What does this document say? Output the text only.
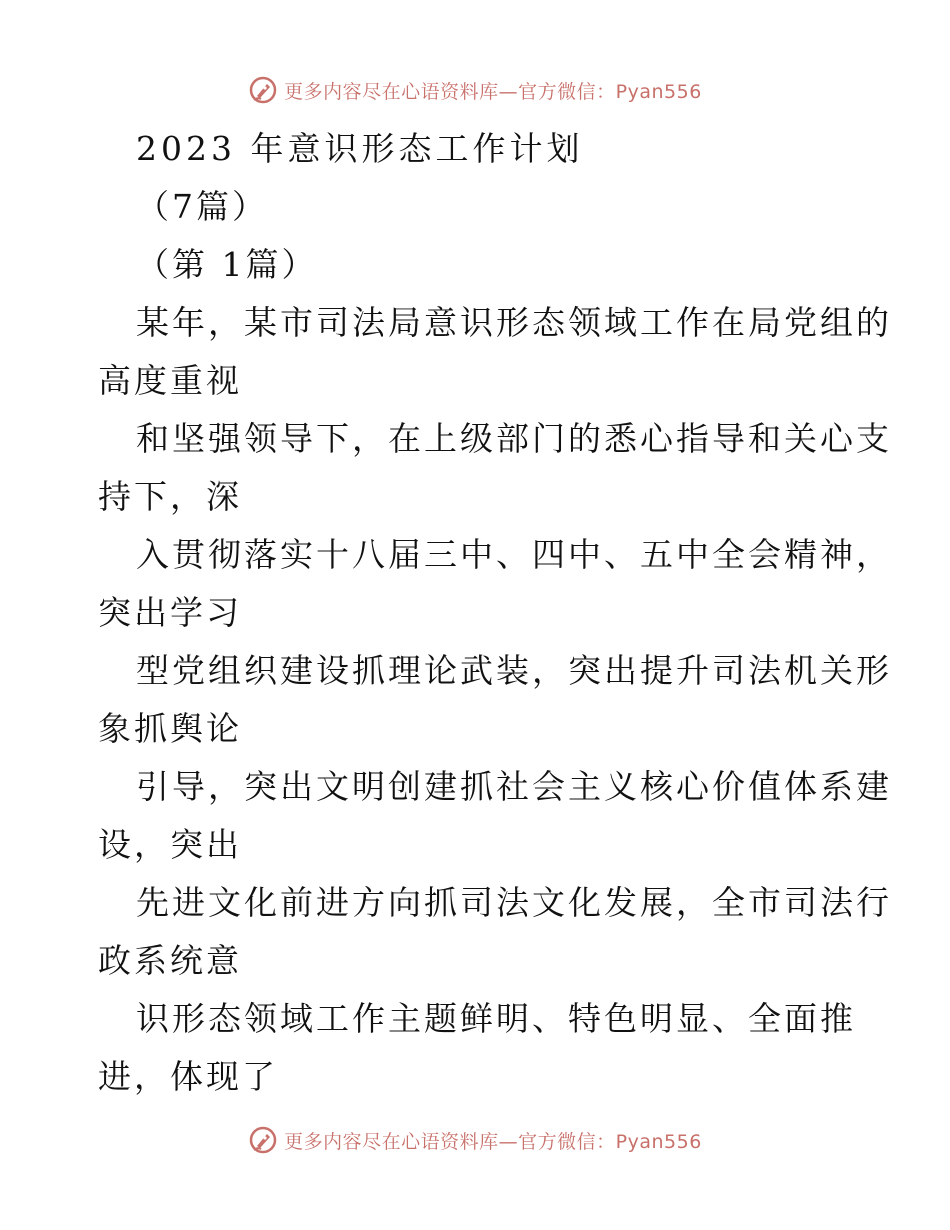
更多内容尽在心语资料库—官方微信：Pyan556
2023 年意识形态工作计划
（7篇）
（第 1篇）
某年，某市司法局意识形态领域工作在局党组的
高度重视
和坚强领导下，在上级部门的悉心指导和关心支
持下，深
入贯彻落实十八届三中、四中、五中全会精神，
突出学习
型党组织建设抓理论武装，突出提升司法机关形
象抓舆论
引导，突出文明创建抓社会主义核心价值体系建
设，突出
先进文化前进方向抓司法文化发展，全市司法行
政系统意
识形态领域工作主题鲜明、特色明显、全面推
进，体现了
更多内容尽在心语资料库—官方微信：Pyan556
